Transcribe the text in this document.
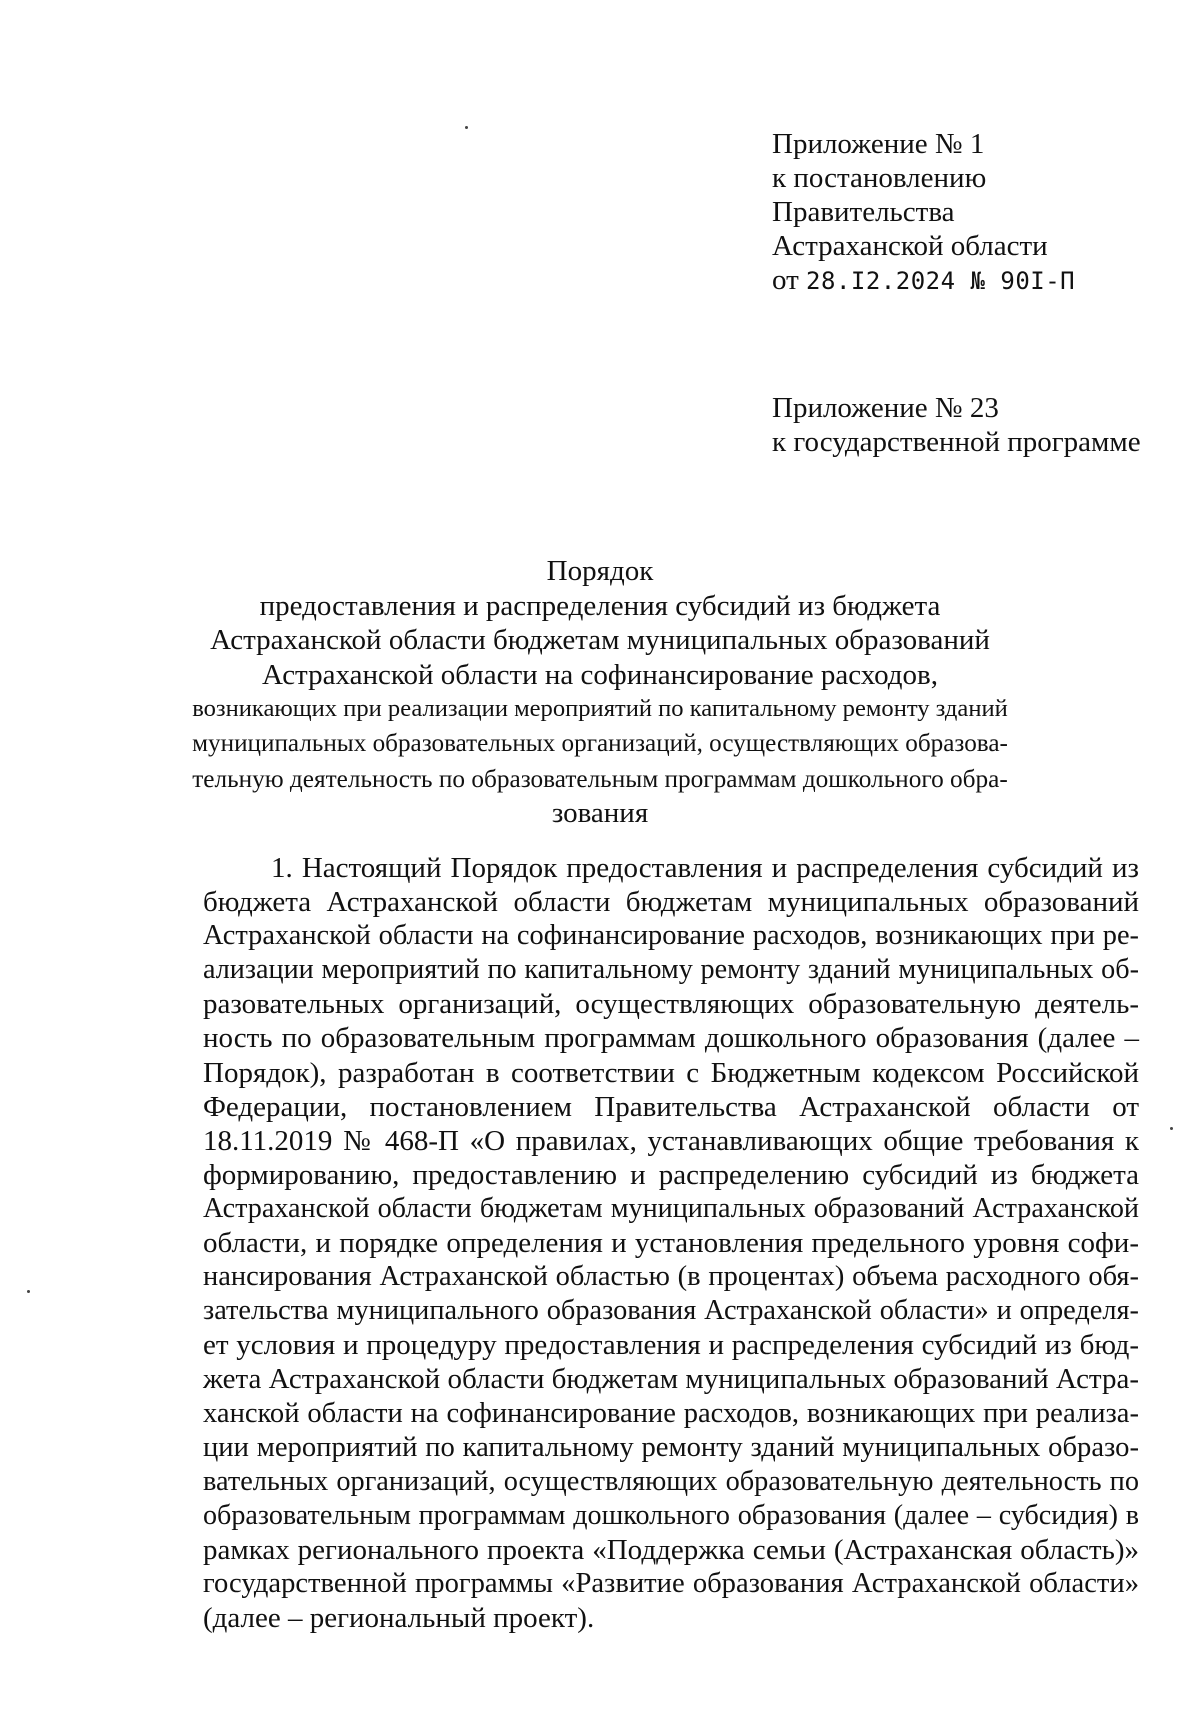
Приложение № 1
к постановлению
Правительства
Астраханской области
от 28.I2.2024 № 90I-П
Приложение № 23
к государственной программе
Порядок
предоставления и распределения субсидий из бюджета
Астраханской области бюджетам муниципальных образований
Астраханской области на софинансирование расходов,
возникающих при реализации мероприятий по капитальному ремонту зданий
муниципальных образовательных организаций, осуществляющих образова-
тельную деятельность по образовательным программам дошкольного обра-
зования
1. Настоящий Порядок предоставления и распределения субсидий из
бюджета Астраханской области бюджетам муниципальных образований
Астраханской области на софинансирование расходов, возникающих при ре-
ализации мероприятий по капитальному ремонту зданий муниципальных об-
разовательных организаций, осуществляющих образовательную деятель-
ность по образовательным программам дошкольного образования (далее –
Порядок), разработан в соответствии с Бюджетным кодексом Российской
Федерации, постановлением Правительства Астраханской области от
18.11.2019 № 468-П «О правилах, устанавливающих общие требования к
формированию, предоставлению и распределению субсидий из бюджета
Астраханской области бюджетам муниципальных образований Астраханской
области, и порядке определения и установления предельного уровня софи-
нансирования Астраханской областью (в процентах) объема расходного обя-
зательства муниципального образования Астраханской области» и определя-
ет условия и процедуру предоставления и распределения субсидий из бюд-
жета Астраханской области бюджетам муниципальных образований Астра-
ханской области на софинансирование расходов, возникающих при реализа-
ции мероприятий по капитальному ремонту зданий муниципальных образо-
вательных организаций, осуществляющих образовательную деятельность по
образовательным программам дошкольного образования (далее – субсидия) в
рамках регионального проекта «Поддержка семьи (Астраханская область)»
государственной программы «Развитие образования Астраханской области»
(далее – региональный проект).
